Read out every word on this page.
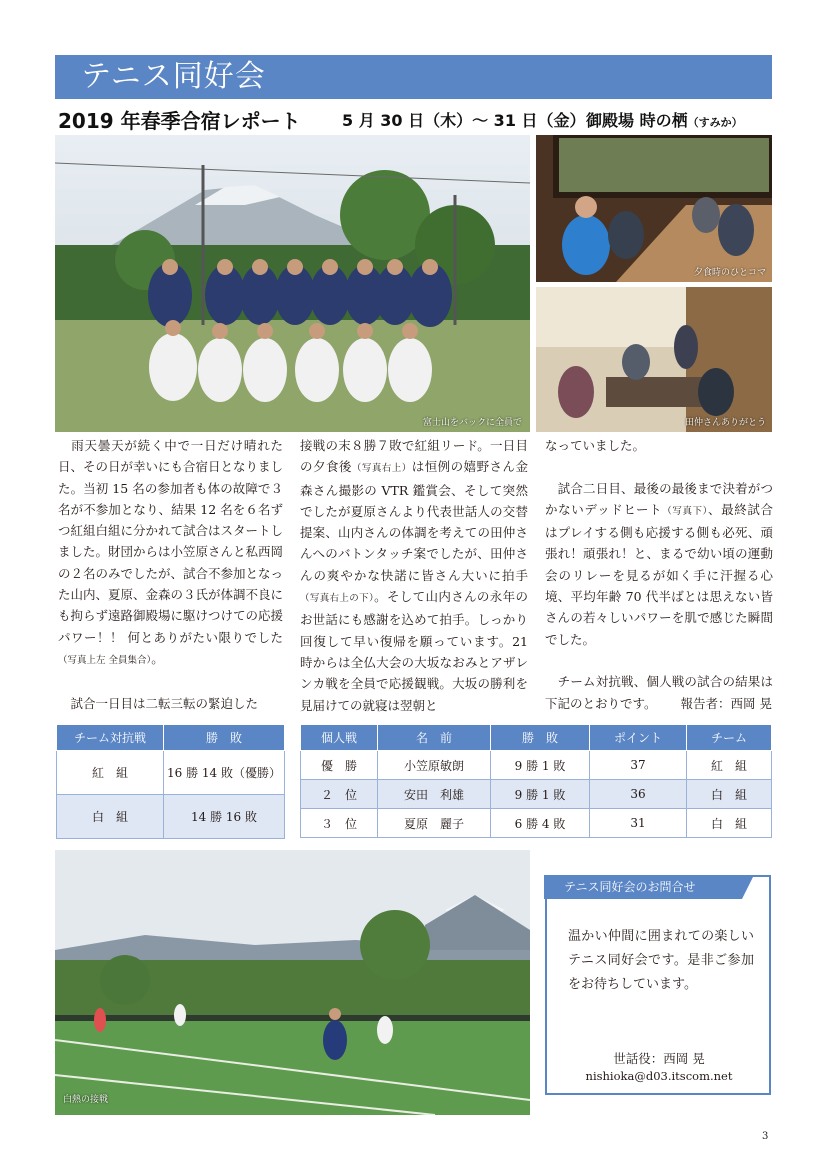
テニス同好会
2019 年春季合宿レポート	5 月 30 日（木）～ 31 日（金） 御殿場 時の栖（すみか）
富士山をバックに全員で
夕食時のひとコマ
田仲さんありがとう
　雨天曇天が続く中で一日だけ晴れた日、その日が幸いにも合宿日となりました。当初 15 名の参加者も体の故障で３名が不参加となり、結果 12 名を６名ずつ紅組白組に分かれて試合はスタートしました。財団からは小笠原さんと私西岡の２名のみでしたが、試合不参加となった山内、夏原、金森の３氏が体調不良にも拘らず遠路御殿場に駆けつけての応援パワー！！ 何とありがたい限りでした（写真上左 全員集合）。

　試合一日目は二転三転の緊迫した
接戦の末８勝７敗で紅組リード。一日目の夕食後（写真右上）は恒例の嬉野さん金森さん撮影の VTR 鑑賞会、そして突然でしたが夏原さんより代表世話人の交替提案、山内さんの体調を考えての田仲さんへのバトンタッチ案でしたが、田仲さんの爽やかな快諾に皆さん大いに拍手（写真右上の下）。そして山内さんの永年のお世話にも感謝を込めて拍手。しっかり回復して早い復帰を願っています。21 時からは全仏大会の大坂なおみとアザレンカ戦を全員で応援観戦。大坂の勝利を見届けての就寝は翌朝と
なっていました。

　試合二日目、最後の最後まで決着がつかないデッドヒート（写真下）、最終試合はプレイする側も応援する側も必死、頑張れ！頑張れ！と、まるで幼い頃の運動会のリレーを見るが如く手に汗握る心境、平均年齢 70 代半ばとは思えない皆さんの若々しいパワーを肌で感じた瞬間でした。

　チーム対抗戦、個人戦の試合の結果は下記のとおりです。	報告者：西岡 晃
チーム対抗戦	勝　敗
紅　組	16 勝 14 敗（優勝）
白　組	14 勝 16 敗
個人戦	名　前	勝　敗	ポイント	チーム
優　勝	小笠原敏朗	9 勝 1 敗	37	紅　組
２　位	安田　利雄	9 勝 1 敗	36	白　組
３　位	夏原　麗子	6 勝 4 敗	31	白　組
白熱の接戦
テニス同好会のお問合せ
温かい仲間に囲まれての楽しいテニス同好会です。是非ご参加をお待ちしています。
世話役：西岡 晃
nishioka@d03.itscom.net
3
